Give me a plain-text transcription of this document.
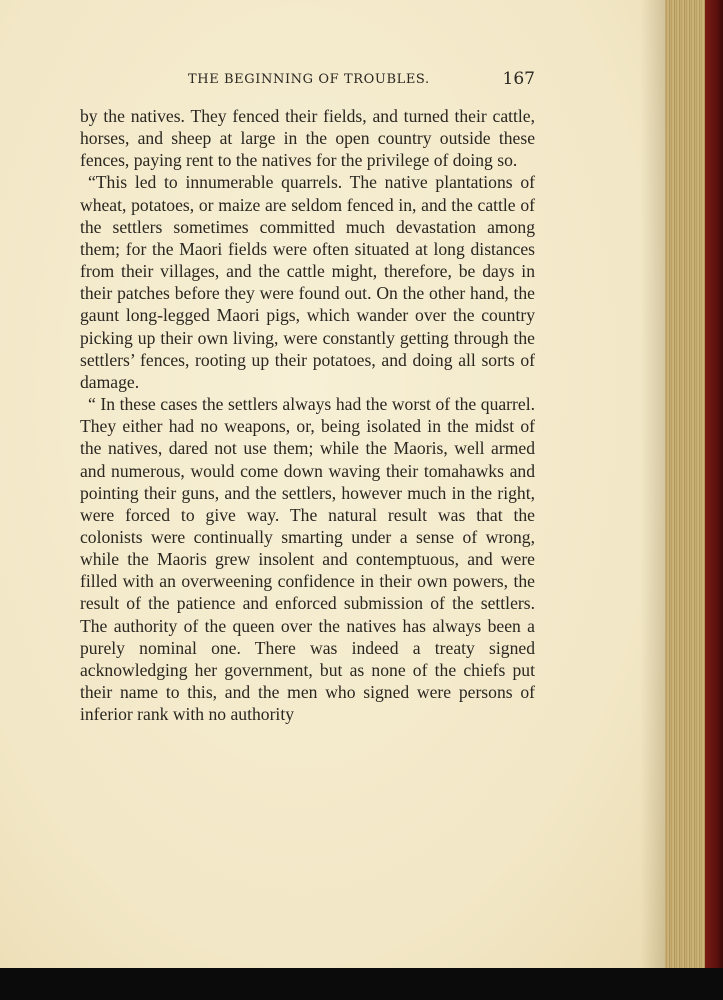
THE BEGINNING OF TROUBLES.	167

by the natives. They fenced their fields, and turned their cattle, horses, and sheep at large in the open country outside these fences, paying rent to the natives for the privilege of doing so.

“This led to innumerable quarrels. The native plantations of wheat, potatoes, or maize are seldom fenced in, and the cattle of the settlers sometimes committed much devastation among them; for the Maori fields were often situated at long distances from their villages, and the cattle might, therefore, be days in their patches before they were found out. On the other hand, the gaunt long-legged Maori pigs, which wander over the country picking up their own living, were constantly getting through the settlers’ fences, rooting up their potatoes, and doing all sorts of damage.

“ In these cases the settlers always had the worst of the quarrel. They either had no weapons, or, being isolated in the midst of the natives, dared not use them; while the Maoris, well armed and numerous, would come down waving their tomahawks and pointing their guns, and the settlers, however much in the right, were forced to give way. The natural result was that the colonists were continually smarting under a sense of wrong, while the Maoris grew insolent and contemptuous, and were filled with an overweening confidence in their own powers, the result of the patience and enforced submission of the settlers. The authority of the queen over the natives has always been a purely nominal one. There was indeed a treaty signed acknowledging her government, but as none of the chiefs put their name to this, and the men who signed were persons of inferior rank with no authority
